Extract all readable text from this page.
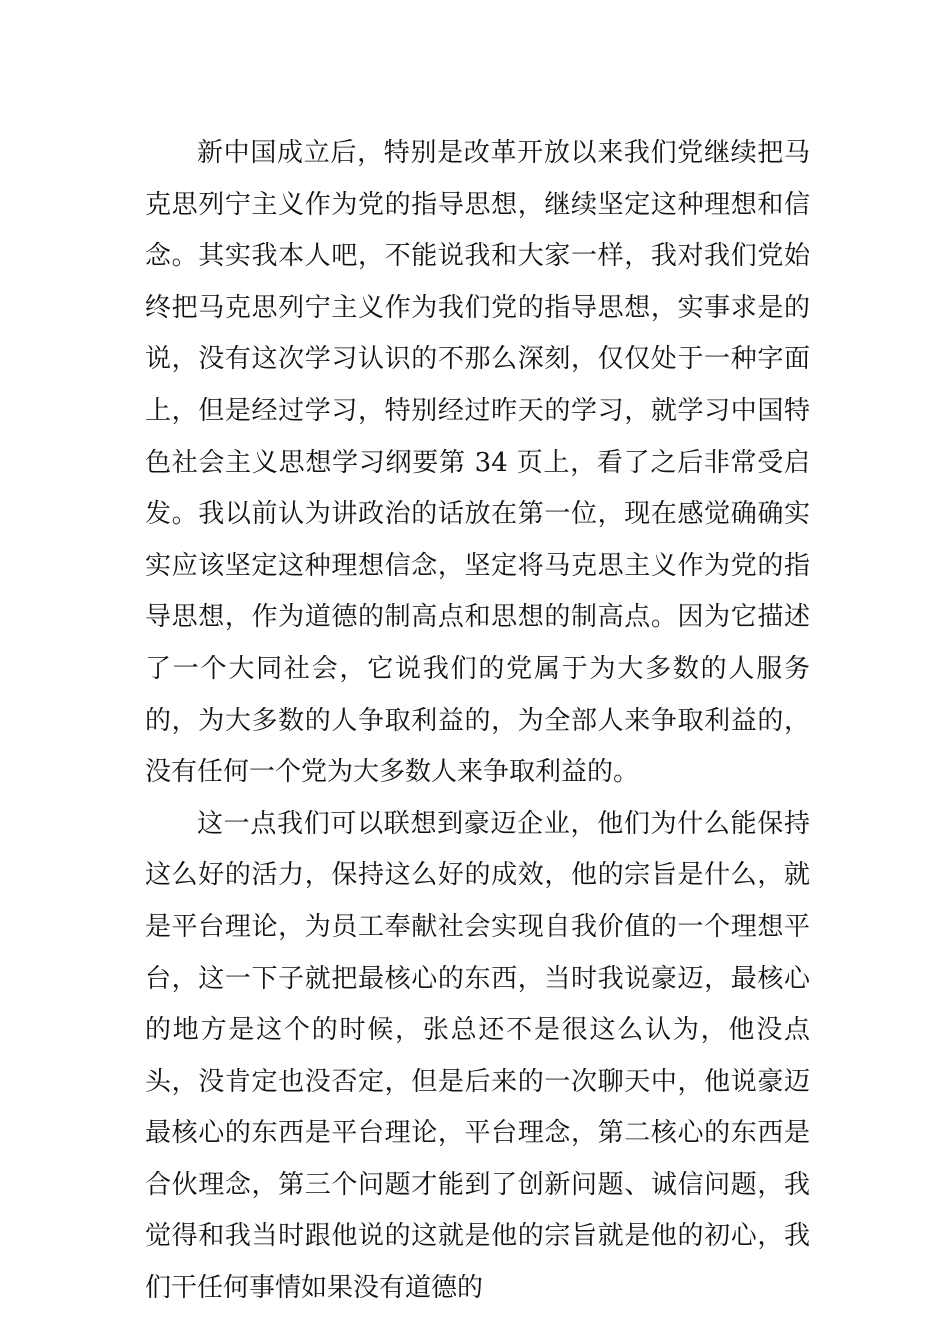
新中国成立后，特别是改革开放以来我们党继续把马克思列宁主义作为党的指导思想，继续坚定这种理想和信念。其实我本人吧，不能说我和大家一样，我对我们党始终把马克思列宁主义作为我们党的指导思想，实事求是的说，没有这次学习认识的不那么深刻，仅仅处于一种字面上，但是经过学习，特别经过昨天的学习，就学习中国特色社会主义思想学习纲要第 34 页上，看了之后非常受启发。我以前认为讲政治的话放在第一位，现在感觉确确实实应该坚定这种理想信念，坚定将马克思主义作为党的指导思想，作为道德的制高点和思想的制高点。因为它描述了一个大同社会，它说我们的党属于为大多数的人服务的，为大多数的人争取利益的，为全部人来争取利益的，没有任何一个党为大多数人来争取利益的。

这一点我们可以联想到豪迈企业，他们为什么能保持这么好的活力，保持这么好的成效，他的宗旨是什么，就是平台理论，为员工奉献社会实现自我价值的一个理想平台，这一下子就把最核心的东西，当时我说豪迈，最核心的地方是这个的时候，张总还不是很这么认为，他没点头，没肯定也没否定，但是后来的一次聊天中，他说豪迈最核心的东西是平台理论，平台理念，第二核心的东西是合伙理念，第三个问题才能到了创新问题、诚信问题，我觉得和我当时跟他说的这就是他的宗旨就是他的初心，我们干任何事情如果没有道德的
